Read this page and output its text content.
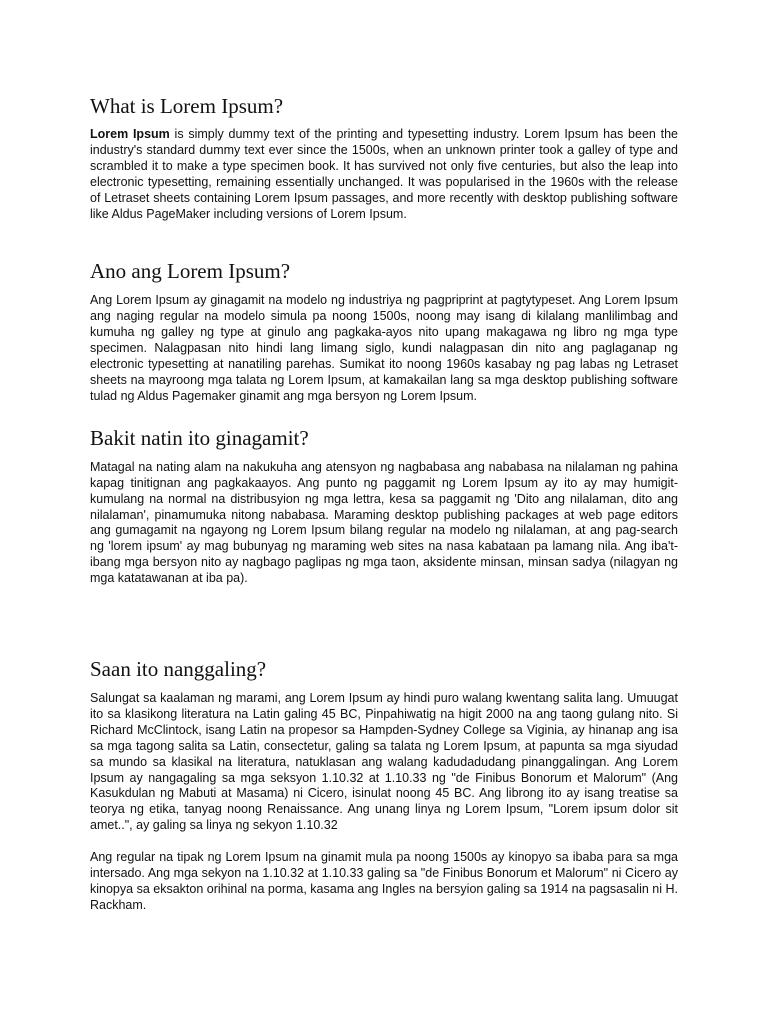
What is Lorem Ipsum?

Lorem Ipsum is simply dummy text of the printing and typesetting industry. Lorem Ipsum has been the industry's standard dummy text ever since the 1500s, when an unknown printer took a galley of type and scrambled it to make a type specimen book. It has survived not only five centuries, but also the leap into electronic typesetting, remaining essentially unchanged. It was popularised in the 1960s with the release of Letraset sheets containing Lorem Ipsum passages, and more recently with desktop publishing software like Aldus PageMaker including versions of Lorem Ipsum.

Ano ang Lorem Ipsum?

Ang Lorem Ipsum ay ginagamit na modelo ng industriya ng pagpriprint at pagtytypeset. Ang Lorem Ipsum ang naging regular na modelo simula pa noong 1500s, noong may isang di kilalang manlilimbag and kumuha ng galley ng type at ginulo ang pagkaka-ayos nito upang makagawa ng libro ng mga type specimen. Nalagpasan nito hindi lang limang siglo, kundi nalagpasan din nito ang paglaganap ng electronic typesetting at nanatiling parehas. Sumikat ito noong 1960s kasabay ng pag labas ng Letraset sheets na mayroong mga talata ng Lorem Ipsum, at kamakailan lang sa mga desktop publishing software tulad ng Aldus Pagemaker ginamit ang mga bersyon ng Lorem Ipsum.

Bakit natin ito ginagamit?

Matagal na nating alam na nakukuha ang atensyon ng nagbabasa ang nababasa na nilalaman ng pahina kapag tinitignan ang pagkakaayos. Ang punto ng paggamit ng Lorem Ipsum ay ito ay may humigit-kumulang na normal na distribusyion ng mga lettra, kesa sa paggamit ng 'Dito ang nilalaman, dito ang nilalaman', pinamumuka nitong nababasa. Maraming desktop publishing packages at web page editors ang gumagamit na ngayong ng Lorem Ipsum bilang regular na modelo ng nilalaman, at ang pag-search ng 'lorem ipsum' ay mag bubunyag ng maraming web sites na nasa kabataan pa lamang nila. Ang iba't-ibang mga bersyon nito ay nagbago paglipas ng mga taon, aksidente minsan, minsan sadya (nilagyan ng mga katatawanan at iba pa).

Saan ito nanggaling?

Salungat sa kaalaman ng marami, ang Lorem Ipsum ay hindi puro walang kwentang salita lang. Umuugat ito sa klasikong literatura na Latin galing 45 BC, Pinpahiwatig na higit 2000 na ang taong gulang nito. Si Richard McClintock, isang Latin na propesor sa Hampden-Sydney College sa Viginia, ay hinanap ang isa sa mga tagong salita sa Latin, consectetur, galing sa talata ng Lorem Ipsum, at papunta sa mga siyudad sa mundo sa klasikal na literatura, natuklasan ang walang kadudadudang pinanggalingan. Ang Lorem Ipsum ay nangagaling sa mga seksyon 1.10.32 at 1.10.33 ng "de Finibus Bonorum et Malorum" (Ang Kasukdulan ng Mabuti at Masama) ni Cicero, isinulat noong 45 BC. Ang librong ito ay isang treatise sa teorya ng etika, tanyag noong Renaissance. Ang unang linya ng Lorem Ipsum, "Lorem ipsum dolor sit amet..", ay galing sa linya ng sekyon 1.10.32

Ang regular na tipak ng Lorem Ipsum na ginamit mula pa noong 1500s ay kinopyo sa ibaba para sa mga intersado. Ang mga sekyon na 1.10.32 at 1.10.33 galing sa "de Finibus Bonorum et Malorum" ni Cicero ay kinopya sa eksakton orihinal na porma, kasama ang Ingles na bersyion galing sa 1914 na pagsasalin ni H. Rackham.
